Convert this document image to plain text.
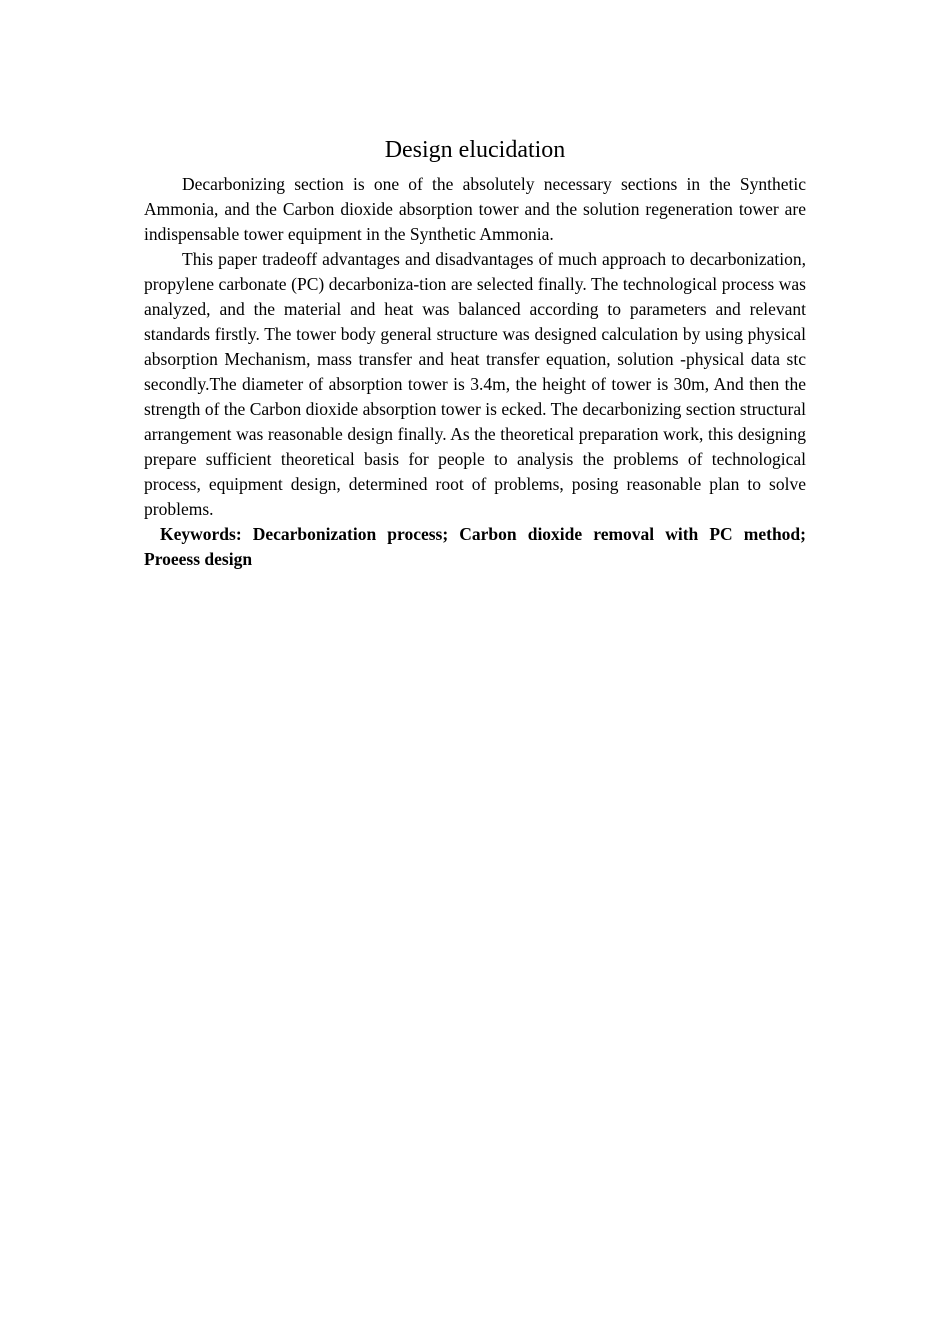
Design elucidation

Decarbonizing section is one of the absolutely necessary sections in the Synthetic Ammonia, and the Carbon dioxide absorption tower and the solution regeneration tower are indispensable tower equipment in the Synthetic Ammonia.

This paper tradeoff advantages and disadvantages of much approach to decarbonization, propylene carbonate (PC) decarboniza-tion are selected finally. The technological process was analyzed, and the material and heat was balanced according to parameters and relevant standards firstly. The tower body general structure was designed calculation by using physical absorption Mechanism, mass transfer and heat transfer equation, solution -physical data stc secondly.The diameter of absorption tower is 3.4m, the height of tower is 30m, And then the strength of the Carbon dioxide absorption tower is ecked. The decarbonizing section structural arrangement was reasonable design finally. As the theoretical preparation work, this designing prepare sufficient theoretical basis for people to analysis the problems of technological process, equipment design, determined root of problems, posing reasonable plan to solve problems.

Keywords: Decarbonization process; Carbon dioxide removal with PC method; Proeess design
